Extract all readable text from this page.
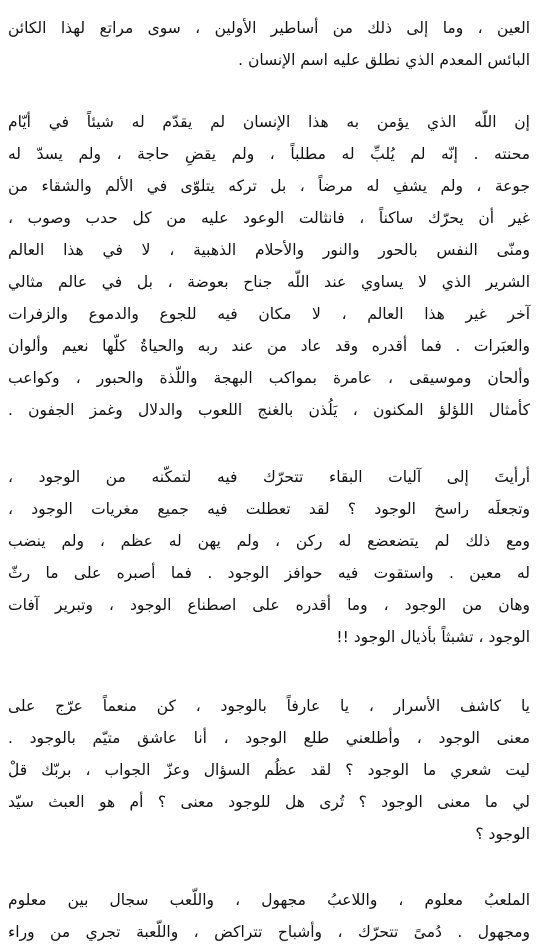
العين ، وما إلى ذلك من أساطير الأولين ، سوى مراتع لهذا الكائن
البائس المعدم الذي نطلق عليه اسم الإنسان .
إن اللّه الذي يؤمن به هذا الإنسان لم يقدّم له شيئاً في أيّام
محنته . إنّه لم يُلبِّ له مطلباً ، ولم يقضِ حاجة ، ولم يسدّ له
جوعة ، ولم يشفِ له مرضاً ، بل تركه يتلوّى في الألم والشقاء من
غير أن يحرّك ساكناً ، فانثالت الوعود عليه من كل حدب وصوب ،
ومنّى النفس بالحور والنور والأحلام الذهبية ، لا في هذا العالم
الشرير الذي لا يساوي عند اللّه جناح بعوضة ، بل في عالم مثالي
آخر غير هذا العالم ، لا مكان فيه للجوع والدموع والزفرات
والعبَرات . فما أقدره وقد عاد من عند ربه والحياةُ كلّها نعيم وألوان
وألحان وموسيقى ، عامرة بمواكب البهجة واللّذة والحبور ، وكواعب
كأمثال اللؤلؤ المكنون ، يَلُذن بالغنج اللعوب والدلال وغمز الجفون .
أرأيتَ إلى آليات البقاء تتحرّك فيه لتمكّنه من الوجود ،
وتجعلَه راسخ الوجود ؟ لقد تعطلت فيه جميع مغريات الوجود ،
ومع ذلك لم يتضعضع له ركن ، ولم يهن له عظم ، ولم ينضب
له معين . واستقوت فيه حوافز الوجود . فما أصبره على ما رثّ
وهان من الوجود ، وما أقدره على اصطناع الوجود ، وتبرير آفات
الوجود ، تشبثاً بأذيال الوجود !!
يا كاشف الأسرار ، يا عارفاً بالوجود ، كن منعماً عرّج على
معنى الوجود ، وأطلعني طلع الوجود ، أنا عاشق متيّم بالوجود .
ليت شعري ما الوجود ؟ لقد عظُم السؤال وعزّ الجواب ، بربّك قلْ
لي ما معنى الوجود ؟ تُرى هل للوجود معنى ؟ أم هو العبث سيّد
الوجود ؟
الملعبُ معلوم ، واللاعبُ مجهول ، واللّعب سجال بين معلوم
ومجهول . دُمىً تتحرّك ، وأشباح تتراكض ، واللّعبة تجري من وراء
